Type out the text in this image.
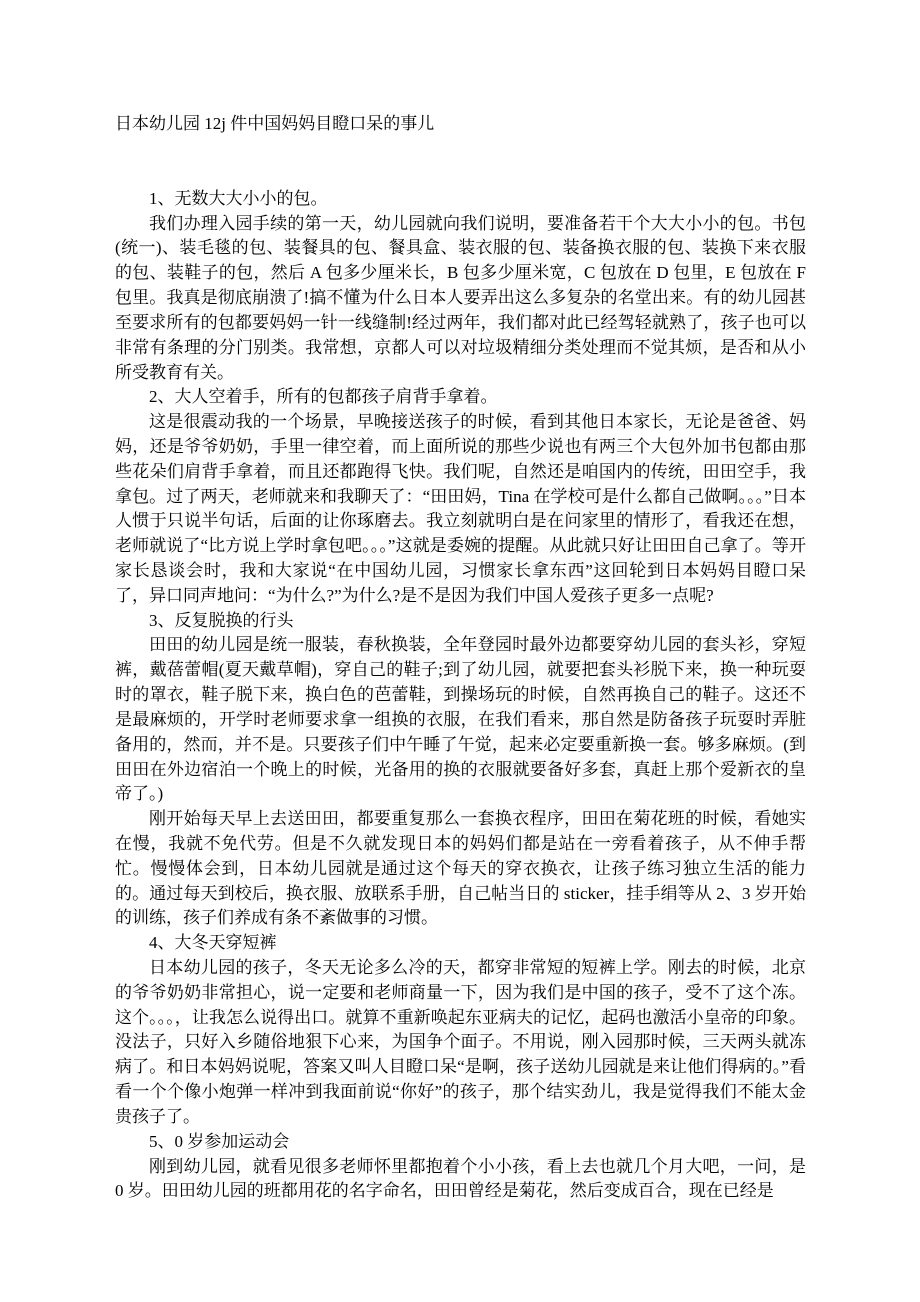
日本幼儿园 12j 件中国妈妈目瞪口呆的事儿

1、无数大大小小的包。

我们办理入园手续的第一天，幼儿园就向我们说明，要准备若干个大大小小的包。书包(统一)、装毛毯的包、装餐具的包、餐具盒、装衣服的包、装备换衣服的包、装换下来衣服的包、装鞋子的包，然后 A 包多少厘米长，B 包多少厘米宽，C 包放在 D 包里，E 包放在 F 包里。我真是彻底崩溃了!搞不懂为什么日本人要弄出这么多复杂的名堂出来。有的幼儿园甚至要求所有的包都要妈妈一针一线缝制!经过两年，我们都对此已经驾轻就熟了，孩子也可以非常有条理的分门别类。我常想，京都人可以对垃圾精细分类处理而不觉其烦，是否和从小所受教育有关。

2、大人空着手，所有的包都孩子肩背手拿着。

这是很震动我的一个场景，早晚接送孩子的时候，看到其他日本家长，无论是爸爸、妈妈，还是爷爷奶奶，手里一律空着，而上面所说的那些少说也有两三个大包外加书包都由那些花朵们肩背手拿着，而且还都跑得飞快。我们呢，自然还是咱国内的传统，田田空手，我拿包。过了两天，老师就来和我聊天了：“田田妈，Tina 在学校可是什么都自己做啊。。。”日本人惯于只说半句话，后面的让你琢磨去。我立刻就明白是在问家里的情形了，看我还在想，老师就说了“比方说上学时拿包吧。。。”这就是委婉的提醒。从此就只好让田田自己拿了。等开家长恳谈会时，我和大家说“在中国幼儿园，习惯家长拿东西”这回轮到日本妈妈目瞪口呆了，异口同声地问：“为什么?”为什么?是不是因为我们中国人爱孩子更多一点呢?

3、反复脱换的行头

田田的幼儿园是统一服装，春秋换装，全年登园时最外边都要穿幼儿园的套头衫，穿短裤，戴蓓蕾帽(夏天戴草帽)，穿自己的鞋子;到了幼儿园，就要把套头衫脱下来，换一种玩耍时的罩衣，鞋子脱下来，换白色的芭蕾鞋，到操场玩的时候，自然再换自己的鞋子。这还不是最麻烦的，开学时老师要求拿一组换的衣服，在我们看来，那自然是防备孩子玩耍时弄脏备用的，然而，并不是。只要孩子们中午睡了午觉，起来必定要重新换一套。够多麻烦。(到田田在外边宿泊一个晚上的时候，光备用的换的衣服就要备好多套，真赶上那个爱新衣的皇帝了。)

刚开始每天早上去送田田，都要重复那么一套换衣程序，田田在菊花班的时候，看她实在慢，我就不免代劳。但是不久就发现日本的妈妈们都是站在一旁看着孩子，从不伸手帮忙。慢慢体会到，日本幼儿园就是通过这个每天的穿衣换衣，让孩子练习独立生活的能力的。通过每天到校后，换衣服、放联系手册，自己帖当日的 sticker，挂手绢等从 2、3 岁开始的训练，孩子们养成有条不紊做事的习惯。

4、大冬天穿短裤

日本幼儿园的孩子，冬天无论多么冷的天，都穿非常短的短裤上学。刚去的时候，北京的爷爷奶奶非常担心，说一定要和老师商量一下，因为我们是中国的孩子，受不了这个冻。这个。。。，让我怎么说得出口。就算不重新唤起东亚病夫的记忆，起码也激活小皇帝的印象。没法子，只好入乡随俗地狠下心来，为国争个面子。不用说，刚入园那时候，三天两头就冻病了。和日本妈妈说呢，答案又叫人目瞪口呆“是啊，孩子送幼儿园就是来让他们得病的。”看看一个个像小炮弹一样冲到我面前说“你好”的孩子，那个结实劲儿，我是觉得我们不能太金贵孩子了。

5、0 岁参加运动会

刚到幼儿园，就看见很多老师怀里都抱着个小小孩，看上去也就几个月大吧，一问，是 0 岁。田田幼儿园的班都用花的名字命名，田田曾经是菊花，然后变成百合，现在已经是
